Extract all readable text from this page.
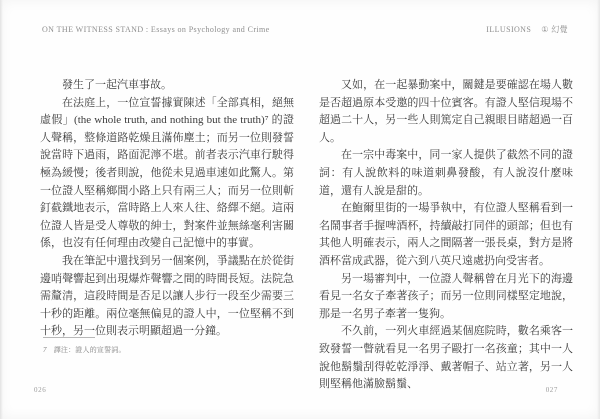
ON THE WITNESS STAND : Essays on Psychology and Crime	ILLUSIONS ① 幻覺

發生了一起汽車事故。

在法庭上，一位宣誓據實陳述「全部真相，絕無虛假」(the whole truth, and nothing but the truth)⁷ 的證人聲稱，整條道路乾燥且滿佈塵土；而另一位則發誓說當時下過雨，路面泥濘不堪。前者表示汽車行駛得極為緩慢；後者則說，他從未見過車速如此驚人。第一位證人堅稱鄉間小路上只有兩三人；而另一位則斬釘截鐵地表示，當時路上人來人往、絡繹不絕。這兩位證人皆是受人尊敬的紳士，對案件並無絲毫利害關係，也沒有任何理由改變自己記憶中的事實。

我在筆記中還找到另一個案例，爭議點在於從街邊哨聲響起到出現爆炸聲響之間的時間長短。法院急需釐清，這段時間是否足以讓人步行一段至少需要三十秒的距離。兩位毫無偏見的證人中，一位堅稱不到十秒，另一位則表示明顯超過一分鐘。

又如，在一起暴動案中，關鍵是要確認在場人數是否超過原本受邀的四十位賓客。有證人堅信現場不超過二十人，另一些人則篤定自己親眼目睹超過一百人。

在一宗中毒案中，同一家人提供了截然不同的證詞：有人說飲料的味道刺鼻發酸，有人說沒什麼味道，還有人說是甜的。

在鮑爾里街的一場爭執中，有位證人堅稱看到一名鬧事者手握啤酒杯，持續敲打同伴的頭部；但也有其他人明確表示，兩人之間隔著一張長桌，對方是將酒杯當成武器，從六到八英尺遠處扔向受害者。

另一場審判中，一位證人聲稱曾在月光下的海邊看見一名女子牽著孩子；而另一位則同樣堅定地說，那是一名男子牽著一隻狗。

不久前，一列火車經過某個庭院時，數名乘客一致發誓一瞥就看見一名男子毆打一名孩童；其中一人說他鬍鬚刮得乾乾淨淨、戴著帽子、站立著，另一人則堅稱他滿臉鬍鬚、

7 譯注：證人的宣誓詞。
026	027
